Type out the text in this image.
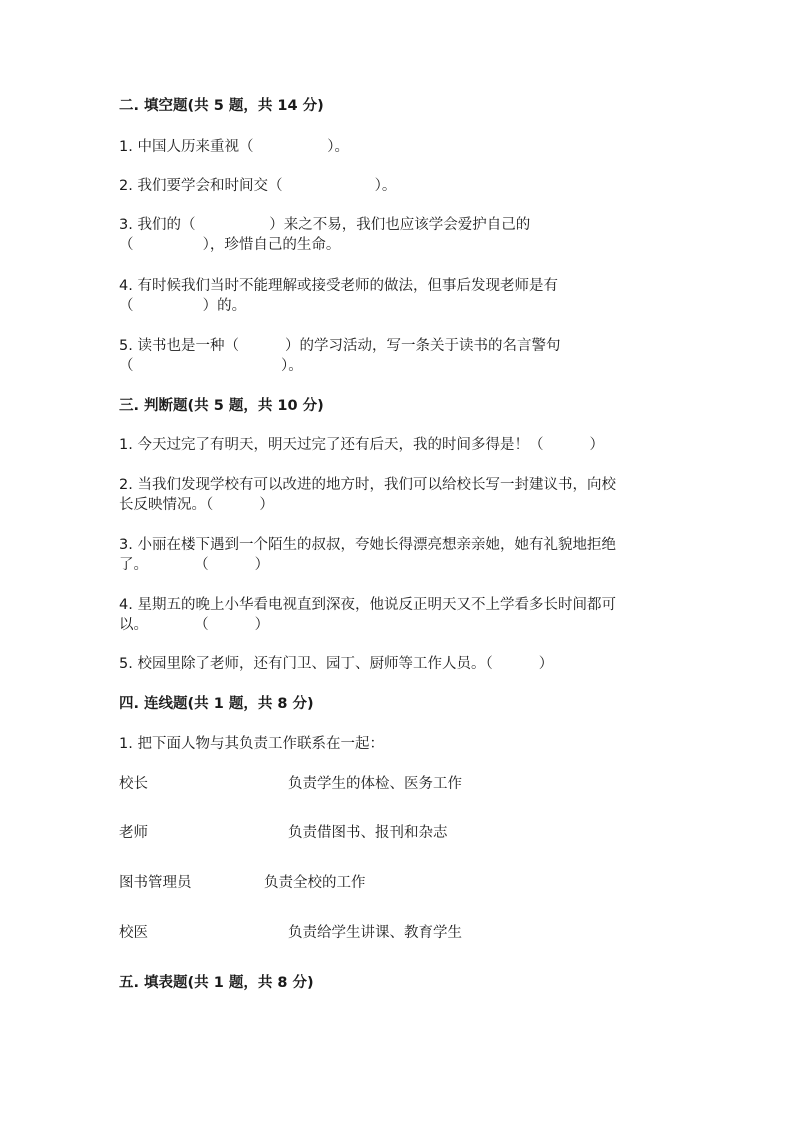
二. 填空题(共 5 题，共 14 分)
1. 中国人历来重视（                ）。
2. 我们要学会和时间交（                    ）。
3. 我们的（                ）来之不易，我们也应该学会爱护自己的
（               ），珍惜自己的生命。
4. 有时候我们当时不能理解或接受老师的做法，但事后发现老师是有
（               ）的。
5. 读书也是一种（          ）的学习活动，写一条关于读书的名言警句
（                                ）。
三. 判断题(共 5 题，共 10 分)
1. 今天过完了有明天，明天过完了还有后天，我的时间多得是！（          ）
2. 当我们发现学校有可以改进的地方时，我们可以给校长写一封建议书，向校
长反映情况。（          ）
3. 小丽在楼下遇到一个陌生的叔叔，夸她长得漂亮想亲亲她，她有礼貌地拒绝
了。          （          ）
4. 星期五的晚上小华看电视直到深夜，他说反正明天又不上学看多长时间都可
以。          （          ）
5. 校园里除了老师，还有门卫、园丁、厨师等工作人员。（          ）
四. 连线题(共 1 题，共 8 分)
1. 把下面人物与其负责工作联系在一起：
校长	负责学生的体检、医务工作
老师	负责借图书、报刊和杂志
图书管理员	负责全校的工作
校医	负责给学生讲课、教育学生
五. 填表题(共 1 题，共 8 分)
